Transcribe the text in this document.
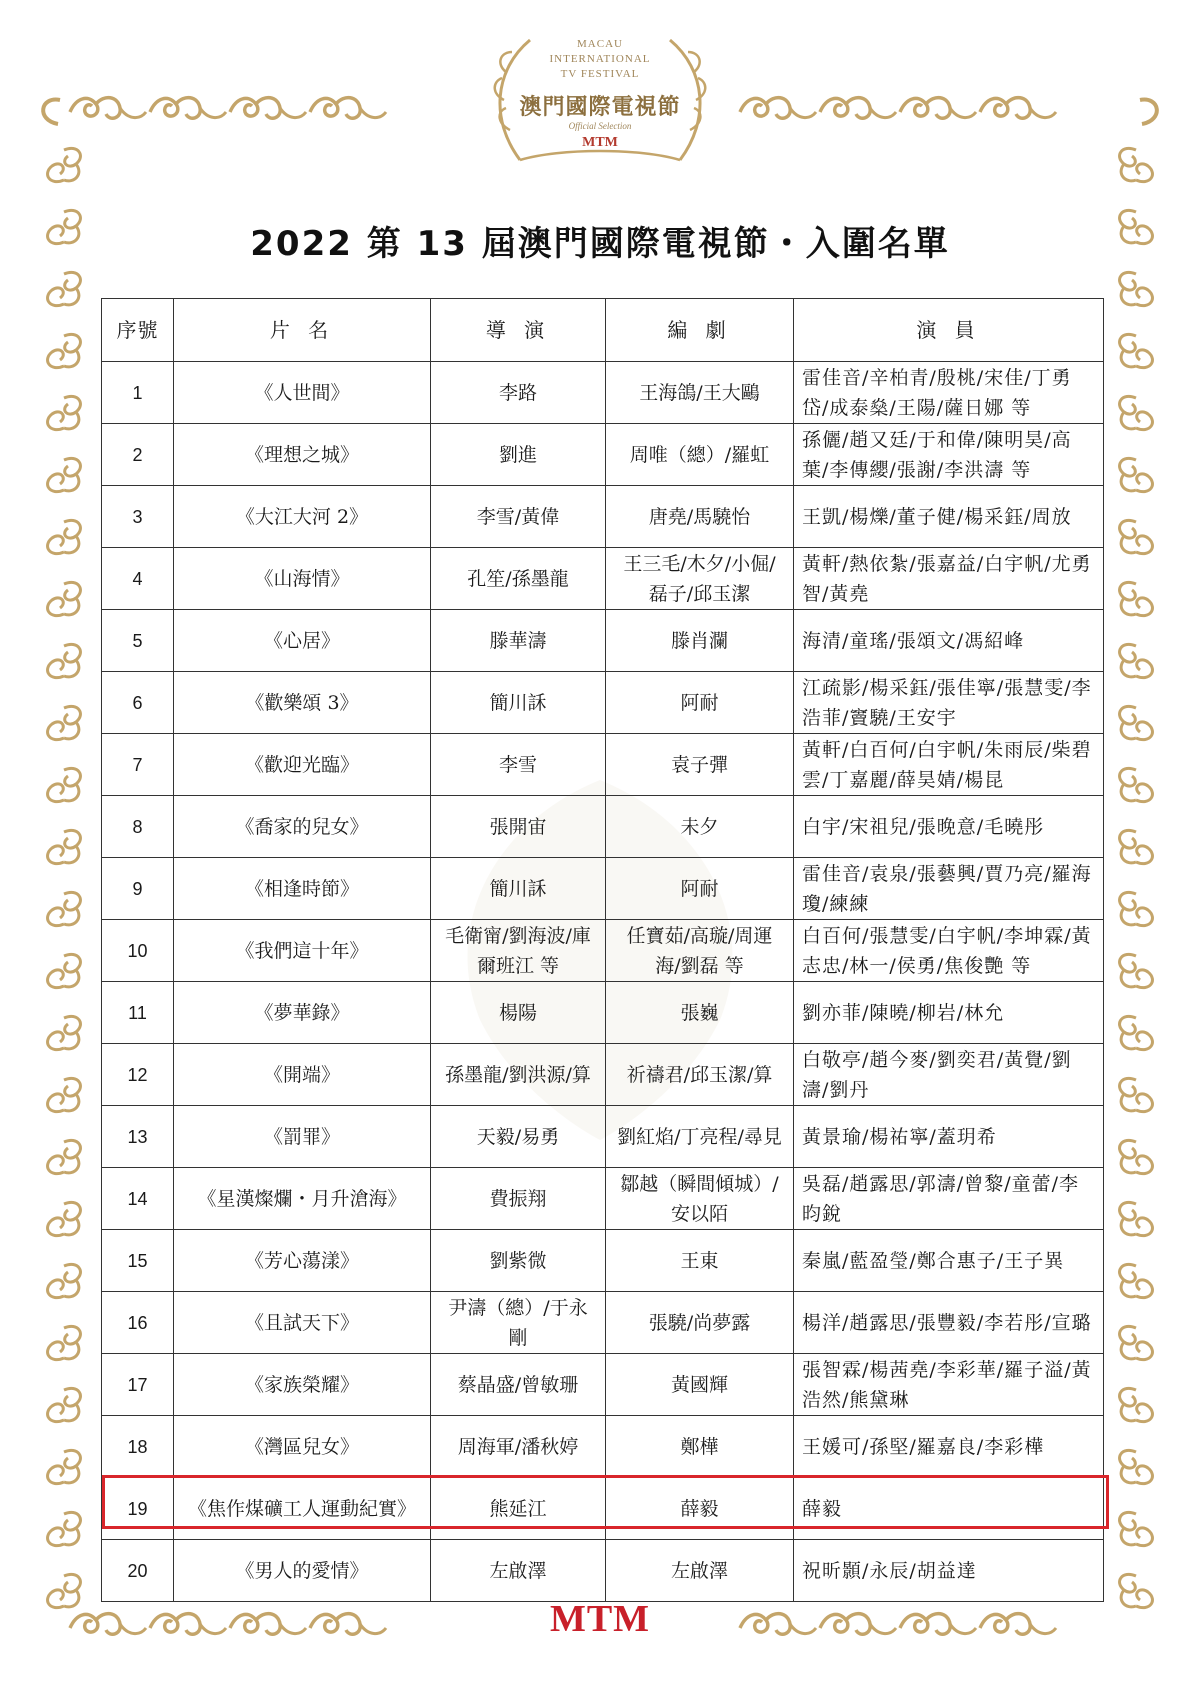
MACAU
INTERNATIONAL
TV FESTIVAL
澳門國際電視節
Official Selection
MTM
2022 第 13 屆澳門國際電視節・入圍名單
序號	片 名	導 演	編 劇	演 員
1	《人世間》	李路	王海鴿/王大鷗	雷佳音/辛柏青/殷桃/宋佳/丁勇岱/成泰燊/王陽/薩日娜 等
2	《理想之城》	劉進	周唯（總）/羅虹	孫儷/趙又廷/于和偉/陳明昊/高葉/李傳纓/張謝/李洪濤 等
3	《大江大河 2》	李雪/黃偉	唐堯/馬驍怡	王凱/楊爍/董子健/楊采鈺/周放
4	《山海情》	孔笙/孫墨龍	王三毛/木夕/小倔/磊子/邱玉潔	黃軒/熱依紮/張嘉益/白宇帆/尤勇智/黃堯
5	《心居》	滕華濤	滕肖瀾	海清/童瑤/張頌文/馮紹峰
6	《歡樂頌 3》	簡川訸	阿耐	江疏影/楊采鈺/張佳寧/張慧雯/李浩菲/竇驍/王安宇
7	《歡迎光臨》	李雪	袁子彈	黃軒/白百何/白宇帆/朱雨辰/柴碧雲/丁嘉麗/薛昊婧/楊昆
8	《喬家的兒女》	張開宙	未夕	白宇/宋祖兒/張晚意/毛曉彤
9	《相逢時節》	簡川訸	阿耐	雷佳音/袁泉/張藝興/賈乃亮/羅海瓊/練練
10	《我們這十年》	毛衛甯/劉海波/庫爾班江 等	任寶茹/高璇/周運海/劉磊 等	白百何/張慧雯/白宇帆/李坤霖/黃志忠/林一/侯勇/焦俊艷 等
11	《夢華錄》	楊陽	張巍	劉亦菲/陳曉/柳岩/林允
12	《開端》	孫墨龍/劉洪源/算	祈禱君/邱玉潔/算	白敬亭/趙今麥/劉奕君/黃覺/劉濤/劉丹
13	《罰罪》	天毅/易勇	劉紅焰/丁亮程/尋見	黃景瑜/楊祐寧/蓋玥希
14	《星漢燦爛・月升滄海》	費振翔	鄒越（瞬間傾城）/安以陌	吳磊/趙露思/郭濤/曾黎/童蕾/李昀銳
15	《芳心蕩漾》	劉紫微	王東	秦嵐/藍盈瑩/鄭合惠子/王子異
16	《且試天下》	尹濤（總）/于永剛	張驍/尚夢露	楊洋/趙露思/張豐毅/李若彤/宣璐
17	《家族榮耀》	蔡晶盛/曾敏珊	黃國輝	張智霖/楊茜堯/李彩華/羅子溢/黃浩然/熊黛琳
18	《灣區兒女》	周海軍/潘秋婷	鄭樺	王媛可/孫堅/羅嘉良/李彩樺
19	《焦作煤礦工人運動紀實》	熊延江	薛毅	薛毅
20	《男人的愛情》	左啟澤	左啟澤	祝昕顥/永辰/胡益達
MTM
